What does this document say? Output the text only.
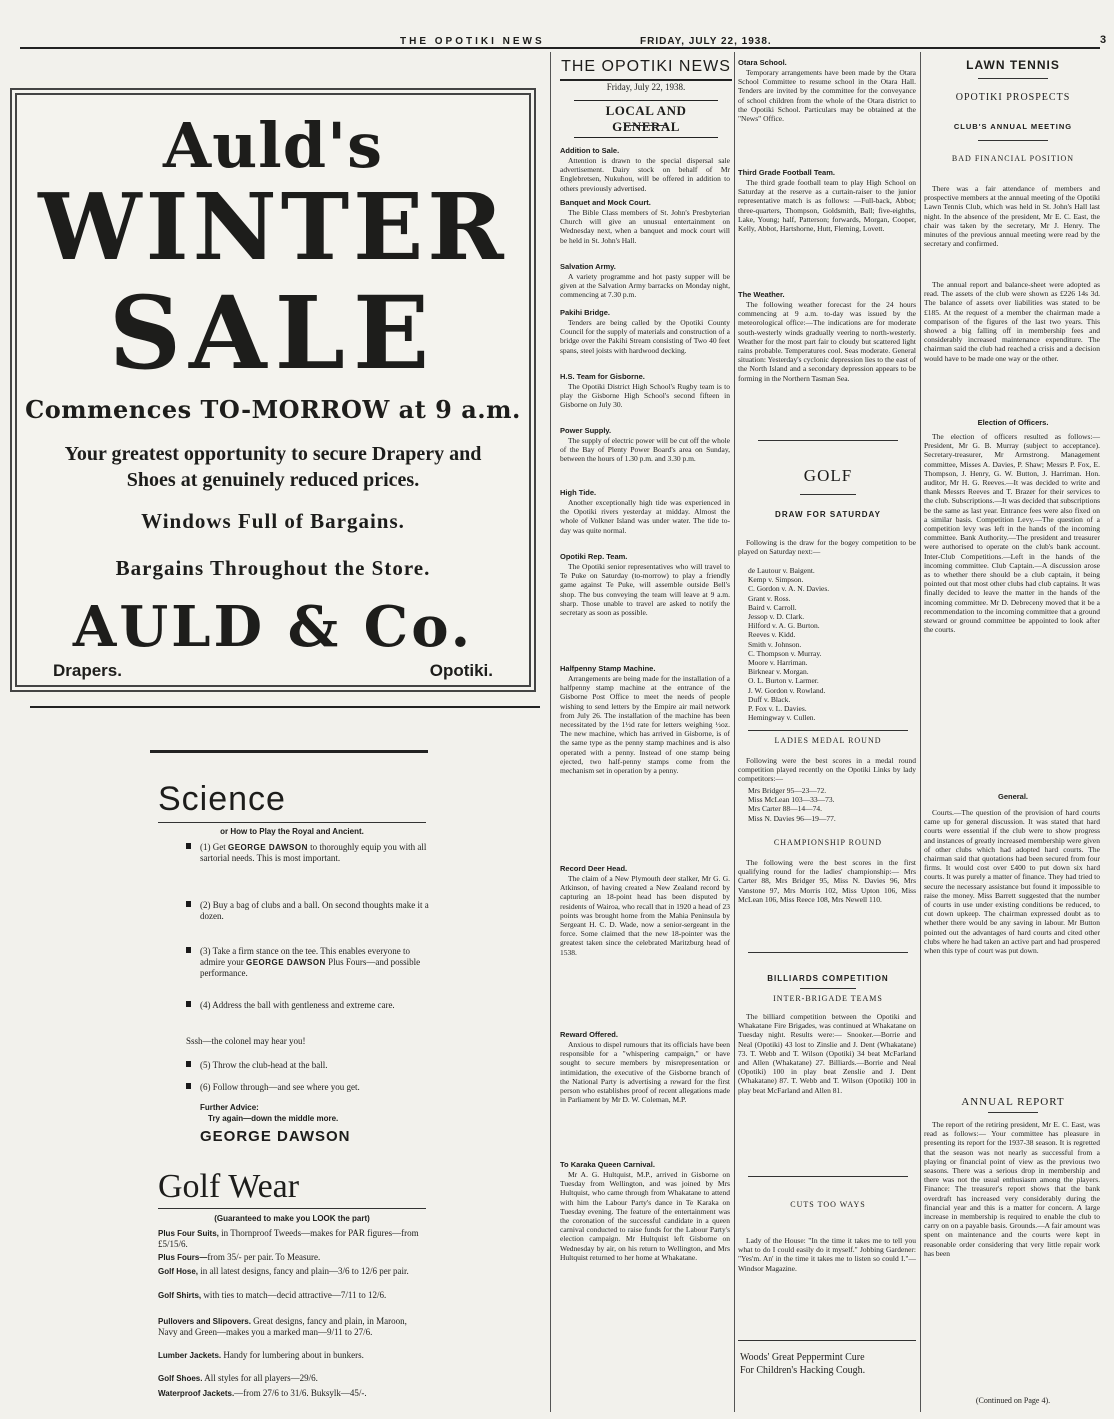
THE OPOTIKI NEWS	FRIDAY, JULY 22, 1938.	3
Auld's
WINTER
SALE
Commences TO-MORROW at 9 a.m.
Your greatest opportunity to secure Drapery and Shoes at genuinely reduced prices.
Windows Full of Bargains.
Bargains Throughout the Store.
AULD & Co.
Drapers.	Opotiki.
Science
or How to Play the Royal and Ancient.
(1) Get GEORGE DAWSON to thoroughly equip you with all sartorial needs. This is most important.
(2) Buy a bag of clubs and a ball. On second thoughts make it a dozen.
(3) Take a firm stance on the tee. This enables everyone to admire your GEORGE DAWSON Plus Fours—and possible performance.
(4) Address the ball with gentleness and extreme care.
Sssh—the colonel may hear you!
(5) Throw the club-head at the ball.
(6) Follow through—and see where you get.
Further Advice:
Try again—down the middle more.
GEORGE DAWSON
Golf Wear
(Guaranteed to make you LOOK the part)
Plus Four Suits, in Thornproof Tweeds—makes for PAR figures—from £5/15/6.
Plus Fours—from 35/- per pair. To Measure.
Golf Hose, in all latest designs, fancy and plain—3/6 to 12/6 per pair.
Golf Shirts, with ties to match—decid attractive—7/11 to 12/6.
Pullovers and Slipovers. Great designs, fancy and plain, in Maroon, Navy and Green—makes you a marked man—9/11 to 27/6.
Lumber Jackets. Handy for lumbering about in bunkers.
Golf Shoes. All styles for all players—29/6.
Waterproof Jackets.—from 27/6 to 31/6. Buksylk—45/-.
THE OPOTIKI NEWS
Friday, July 22, 1938.
LOCAL AND GENERAL
Addition to Sale.
Attention is drawn to the special dispersal sale advertisement. Dairy stock on behalf of Mr Englebretsen, Nukuhou, will be offered in addition to others previously advertised.
Banquet and Mock Court.
The Bible Class members of St. John's Presbyterian Church will give an unusual entertainment on Wednesday next, when a banquet and mock court will be held in St. John's Hall.
Salvation Army.
A variety programme and hot pasty supper will be given at the Salvation Army barracks on Monday night, commencing at 7.30 p.m.
Pakihi Bridge.
Tenders are being called by the Opotiki County Council for the supply of materials and construction of a bridge over the Pakihi Stream consisting of Two 40 feet spans, steel joists with hardwood decking.
H.S. Team for Gisborne.
The Opotiki District High School's Rugby team is to play the Gisborne High School's second fifteen in Gisborne on July 30.
Power Supply.
The supply of electric power will be cut off the whole of the Bay of Plenty Power Board's area on Sunday, between the hours of 1.30 p.m. and 3.30 p.m.
High Tide.
Another exceptionally high tide was experienced in the Opotiki rivers yesterday at midday. Almost the whole of Volkner Island was under water. The tide to-day was quite normal.
Opotiki Rep. Team.
The Opotiki senior representatives who will travel to Te Puke on Saturday (to-morrow) to play a friendly game against Te Puke, will assemble outside Bell's shop. The bus conveying the team will leave at 9 a.m. sharp. Those unable to travel are asked to notify the secretary as soon as possible.
Halfpenny Stamp Machine.
Arrangements are being made for the installation of a halfpenny stamp machine at the entrance of the Gisborne Post Office to meet the needs of people wishing to send letters by the Empire air mail network from July 26. The installation of the machine has been necessitated by the 1½d rate for letters weighing ½oz. The new machine, which has arrived in Gisborne, is of the same type as the penny stamp machines and is also operated with a penny. Instead of one stamp being ejected, two half-penny stamps come from the mechanism set in operation by a penny.
Record Deer Head.
The claim of a New Plymouth deer stalker, Mr G. G. Atkinson, of having created a New Zealand record by capturing an 18-point head has been disputed by residents of Wairoa, who recall that in 1920 a head of 23 points was brought home from the Mahia Peninsula by Sergeant H. C. D. Wade, now a senior-sergeant in the force. Some claimed that the new 18-pointer was the greatest taken since the celebrated Maritzburg head of 1538.
Reward Offered.
Anxious to dispel rumours that its officials have been responsible for a "whispering campaign," or have sought to secure members by misrepresentation or intimidation, the executive of the Gisborne branch of the National Party is advertising a reward for the first person who establishes proof of recent allegations made in Parliament by Mr D. W. Coleman, M.P.
To Karaka Queen Carnival.
Mr A. G. Hultquist, M.P., arrived in Gisborne on Tuesday from Wellington, and was joined by Mrs Hultquist, who came through from Whakatane to attend with him the Labour Party's dance in Te Karaka on Tuesday evening. The feature of the entertainment was the coronation of the successful candidate in a queen carnival conducted to raise funds for the Labour Party's election campaign. Mr Hultquist left Gisborne on Wednesday by air, on his return to Wellington, and Mrs Hultquist returned to her home at Whakatane.
Otara School.
Temporary arrangements have been made by the Otara School Committee to resume school in the Otara Hall. Tenders are invited by the committee for the conveyance of school children from the whole of the Otara district to the Opotiki School. Particulars may be obtained at the "News" Office.
Third Grade Football Team.
The third grade football team to play High School on Saturday at the reserve as a curtain-raiser to the junior representative match is as follows: —Full-back, Abbot; three-quarters, Thompson, Goldsmith, Ball; five-eighths, Lake, Young; half, Patterson; forwards, Morgan, Cooper, Kelly, Abbot, Hartshorne, Hutt, Fleming, Lovett.
The Weather.
The following weather forecast for the 24 hours commencing at 9 a.m. to-day was issued by the meteorological office:—The indications are for moderate south-westerly winds gradually veering to north-westerly. Weather for the most part fair to cloudy but scattered light rains probable. Temperatures cool. Seas moderate. General situation: Yesterday's cyclonic depression lies to the east of the North Island and a secondary depression appears to be forming in the Northern Tasman Sea.
GOLF
DRAW FOR SATURDAY
Following is the draw for the bogey competition to be played on Saturday next:—
de Lautour v. Baigent.
Kemp v. Simpson.
C. Gordon v. A. N. Davies.
Grant v. Ross.
Baird v. Carroll.
Jessop v. D. Clark.
Hilford v. A. G. Burton.
Reeves v. Kidd.
Smith v. Johnson.
C. Thompson v. Murray.
Moore v. Harriman.
Birknear v. Morgan.
O. L. Burton v. Larmer.
J. W. Gordon v. Rowland.
Duff v. Black.
P. Fox v. L. Davies.
Hemingway v. Cullen.
LADIES MEDAL ROUND
Following were the best scores in a medal round competition played recently on the Opotiki Links by lady competitors:—
Mrs Bridger 95—23—72.
Miss McLean 103—33—73.
Mrs Carter 88—14—74.
Miss N. Davies 96—19—77.
CHAMPIONSHIP ROUND
The following were the best scores in the first qualifying round for the ladies' championship:— Mrs Carter 88, Mrs Bridger 95, Miss N. Davies 96, Mrs Vanstone 97, Mrs Morris 102, Miss Upton 106, Miss McLean 106, Miss Reece 108, Mrs Newell 110.
BILLIARDS COMPETITION
INTER-BRIGADE TEAMS
The billiard competition between the Opotiki and Whakatane Fire Brigades, was continued at Whakatane on Tuesday night. Results were:— Snooker.—Borrie and Neal (Opotiki) 43 lost to Zinslie and J. Dent (Whakatane) 73. T. Webb and T. Wilson (Opotiki) 34 beat McFarland and Allen (Whakatane) 27. Billiards.—Borrie and Neal (Opotiki) 100 in play beat Zenslie and J. Dent (Whakatane) 87. T. Webb and T. Wilson (Opotiki) 100 in play beat McFarland and Allen 81.
CUTS TOO WAYS
Lady of the House: "In the time it takes me to tell you what to do I could easily do it myself." Jobbing Gardener: "Yes'm. An' in the time it takes me to listen so could I."—Windsor Magazine.
Woods' Great Peppermint Cure
For Children's Hacking Cough.
LAWN TENNIS
OPOTIKI PROSPECTS
CLUB'S ANNUAL MEETING
BAD FINANCIAL POSITION
There was a fair attendance of members and prospective members at the annual meeting of the Opotiki Lawn Tennis Club, which was held in St. John's Hall last night. In the absence of the president, Mr E. C. East, the chair was taken by the secretary, Mr J. Henry. The minutes of the previous annual meeting were read by the secretary and confirmed.
The annual report and balance-sheet were adopted as read. The assets of the club were shown as £226 14s 3d. The balance of assets over liabilities was stated to be £185. At the request of a member the chairman made a comparison of the figures of the last two years. This showed a big falling off in membership fees and considerably increased maintenance expenditure. The chairman said the club had reached a crisis and a decision would have to be made one way or the other.
Election of Officers.
The election of officers resulted as follows:— President, Mr G. B. Murray (subject to acceptance). Secretary-treasurer, Mr Armstrong. Management committee, Misses A. Davies, P. Shaw; Messrs P. Fox, E. Thompson, J. Henry, G. W. Button, J. Harriman. Hon. auditor, Mr H. G. Reeves.—It was decided to write and thank Messrs Reeves and T. Brazer for their services to the club. Subscriptions.—It was decided that subscriptions be the same as last year. Entrance fees were also fixed on a similar basis. Competition Levy.—The question of a competition levy was left in the hands of the incoming committee. Bank Authority.—The president and treasurer were authorised to operate on the club's bank account. Inter-Club Competitions.—Left in the hands of the incoming committee. Club Captain.—A discussion arose as to whether there should be a club captain, it being pointed out that most other clubs had club captains. It was finally decided to leave the matter in the hands of the incoming committee. Mr D. Debreceny moved that it be a recommendation to the incoming committee that a ground steward or ground committee be appointed to look after the courts.
General.
Courts.—The question of the provision of hard courts came up for general discussion. It was stated that hard courts were essential if the club were to show progress and instances of greatly increased membership were given of other clubs which had adopted hard courts. The chairman said that quotations had been secured from four firms. It would cost over £400 to put down six hard courts. It was purely a matter of finance. They had tried to secure the necessary assistance but found it impossible to raise the money. Miss Barrett suggested that the number of courts in use under existing conditions be reduced, to cut down upkeep. The chairman expressed doubt as to whether there would be any saving in labour. Mr Button pointed out the advantages of hard courts and cited other clubs where he had taken an active part and had prospered when this type of court was put down.
ANNUAL REPORT
The report of the retiring president, Mr E. C. East, was read as follows:— Your committee has pleasure in presenting its report for the 1937-38 season. It is regretted that the season was not nearly as successful from a playing or financial point of view as the previous two seasons. There was a serious drop in membership and there was not the usual enthusiasm among the players. Finance: The treasurer's report shows that the bank overdraft has increased very considerably during the financial year and this is a matter for concern. A large increase in membership is required to enable the club to carry on on a payable basis. Grounds.—A fair amount was spent on maintenance and the courts were kept in reasonable order considering that very little repair work has been
(Continued on Page 4).
